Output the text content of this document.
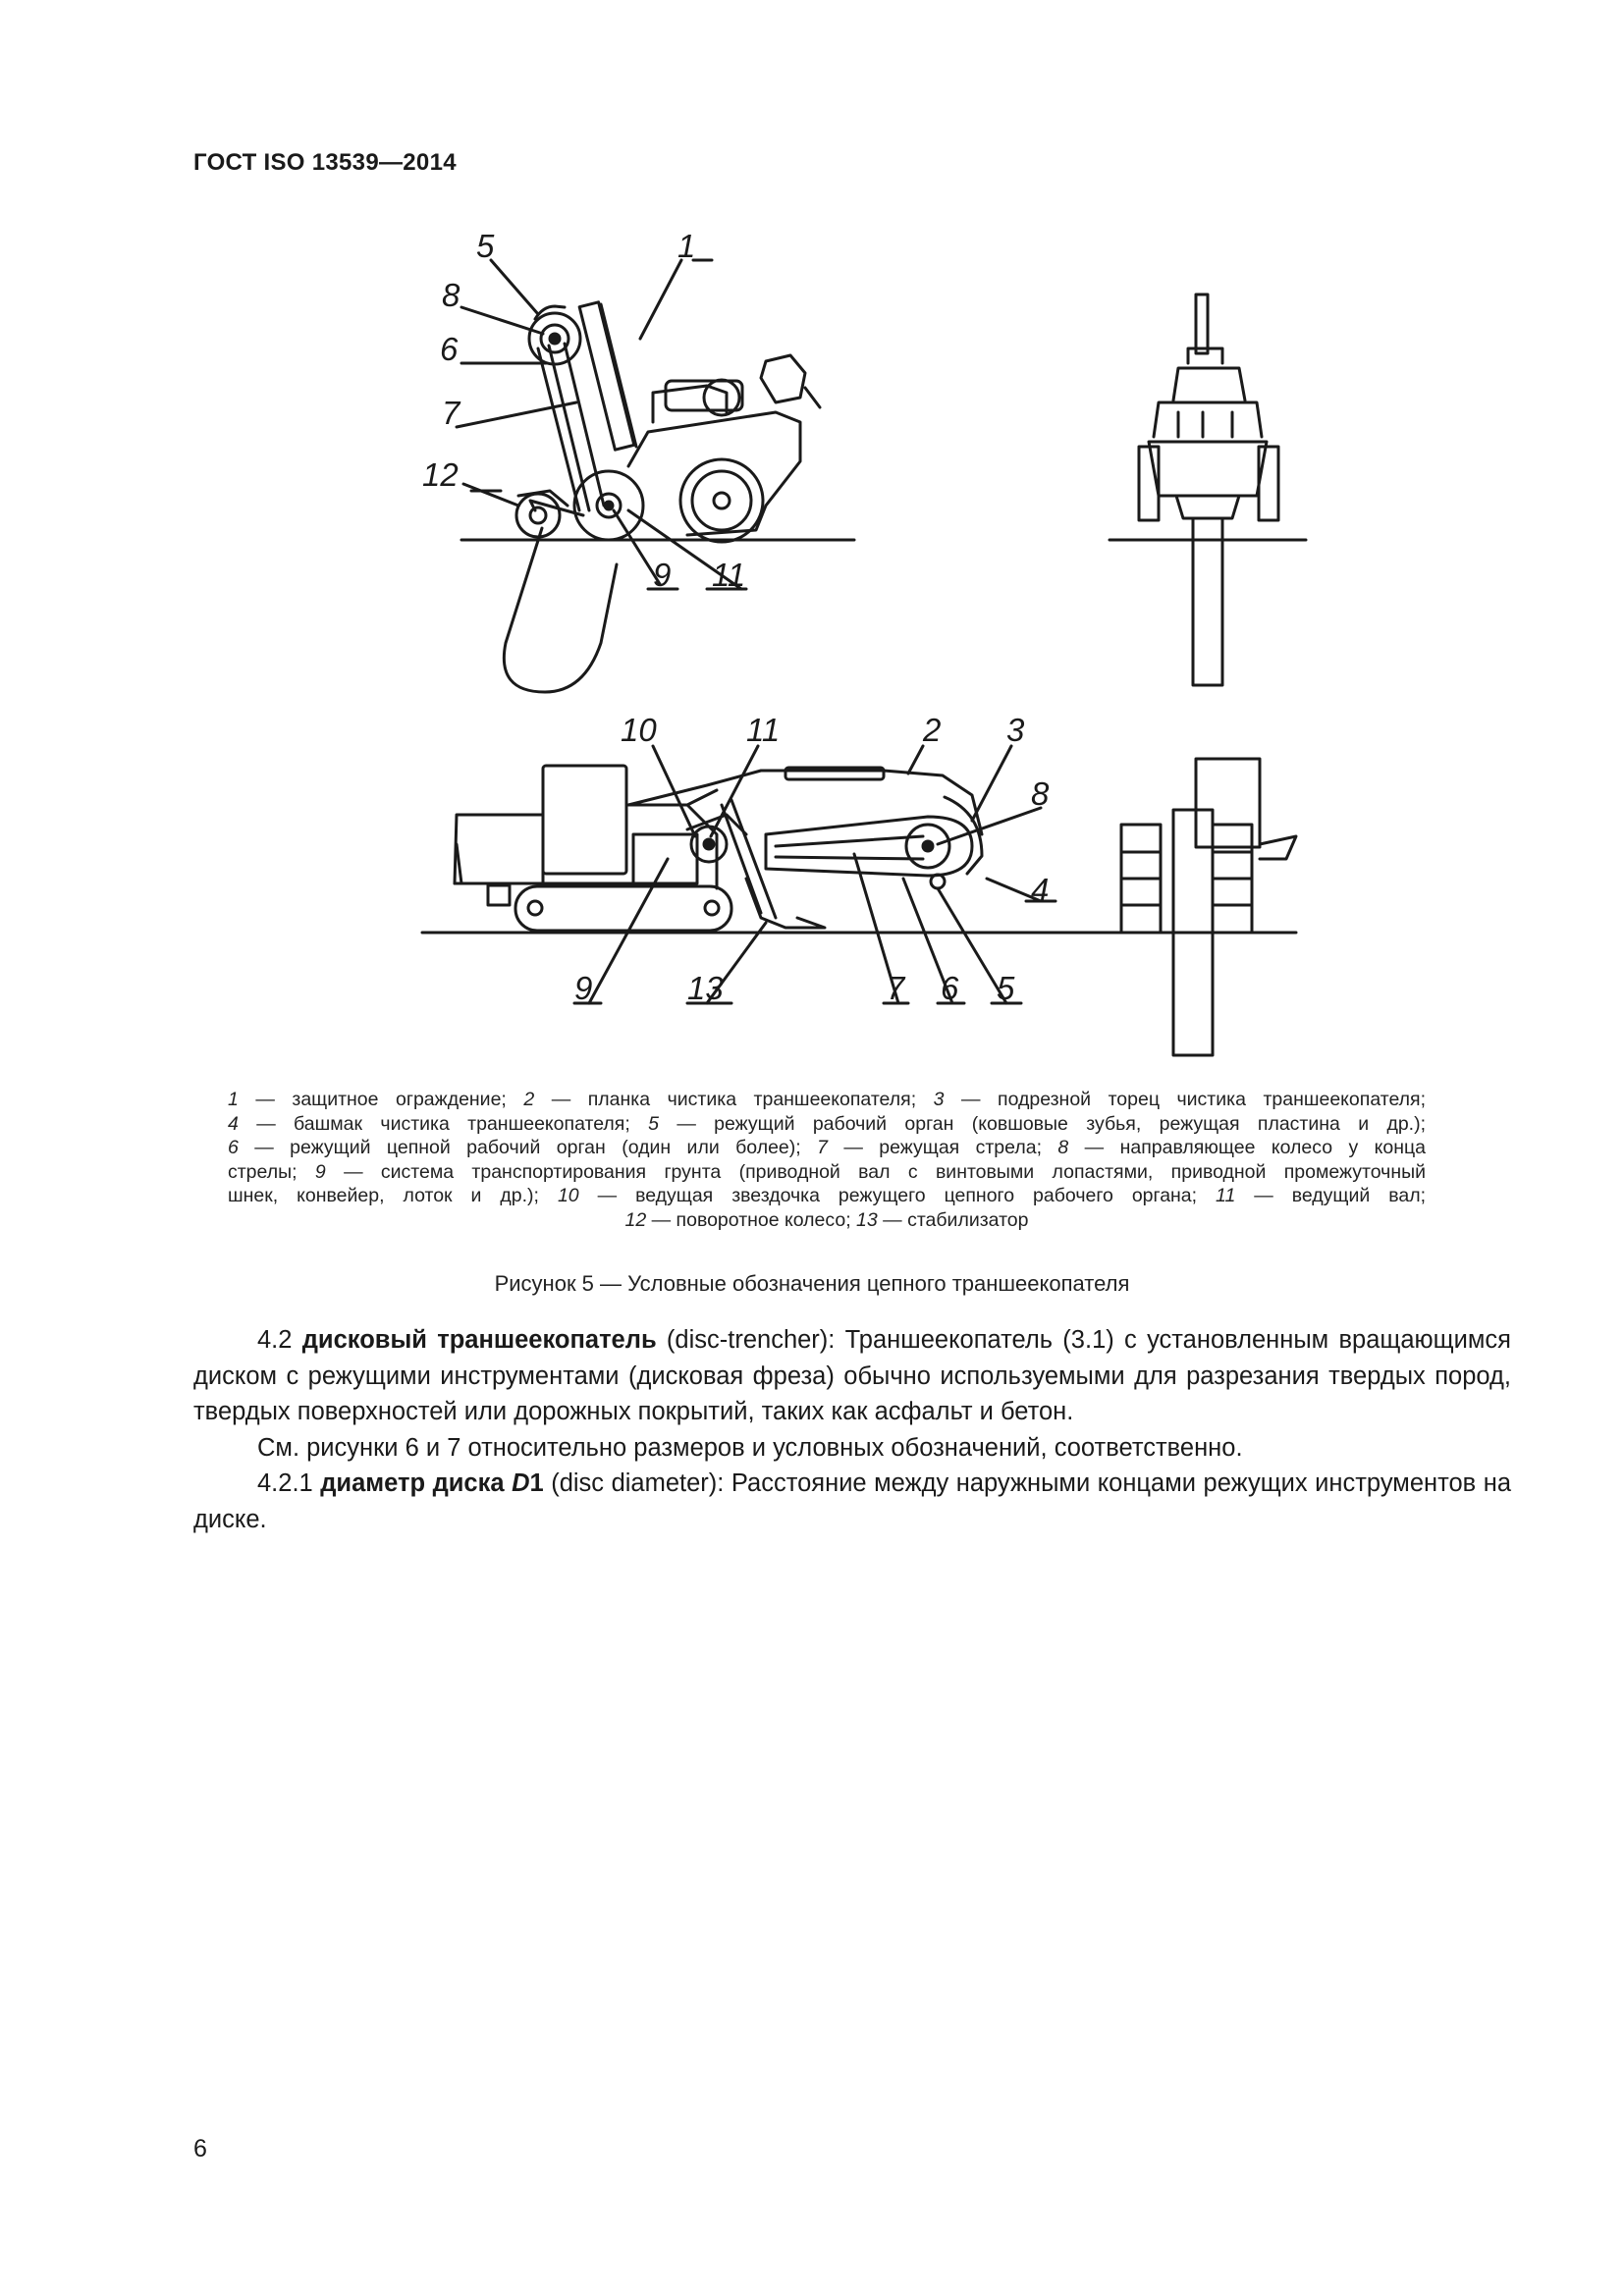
ГОСТ ISO 13539—2014
5
8
6
7
12
1
9 11
10	11	2 3
8
4
9	13	7 6 5

1 — защитное ограждение; 2 — планка чистика траншеекопателя; 3 — подрезной торец чистика траншеекопателя;

4 — башмак чистика траншеекопателя; 5 — режущий рабочий орган (ковшовые зубья, режущая пластина и др.);

6 — режущий цепной рабочий орган (один или более); 7 — режущая стрела; 8 — направляющее колесо у конца

стрелы; 9 — система транспортирования грунта (приводной вал с винтовыми лопастями, приводной промежуточный

шнек, конвейер, лоток и др.); 10 — ведущая звездочка режущего цепного рабочего органа; 11 — ведущий вал;

12 — поворотное колесо; 13 — стабилизатор

Рисунок 5 — Условные обозначения цепного траншеекопателя

4.2 дисковый траншеекопатель (disc-trencher): Траншеекопатель (3.1) с установленным вращающимся диском с режущими инструментами (дисковая фреза) обычно используемыми для разрезания твердых пород, твердых поверхностей или дорожных покрытий, таких как асфальт и бетон.

См. рисунки 6 и 7 относительно размеров и условных обозначений, соответственно.

4.2.1 диаметр диска D1 (disc diameter): Расстояние между наружными концами режущих инструментов на диске.

6
